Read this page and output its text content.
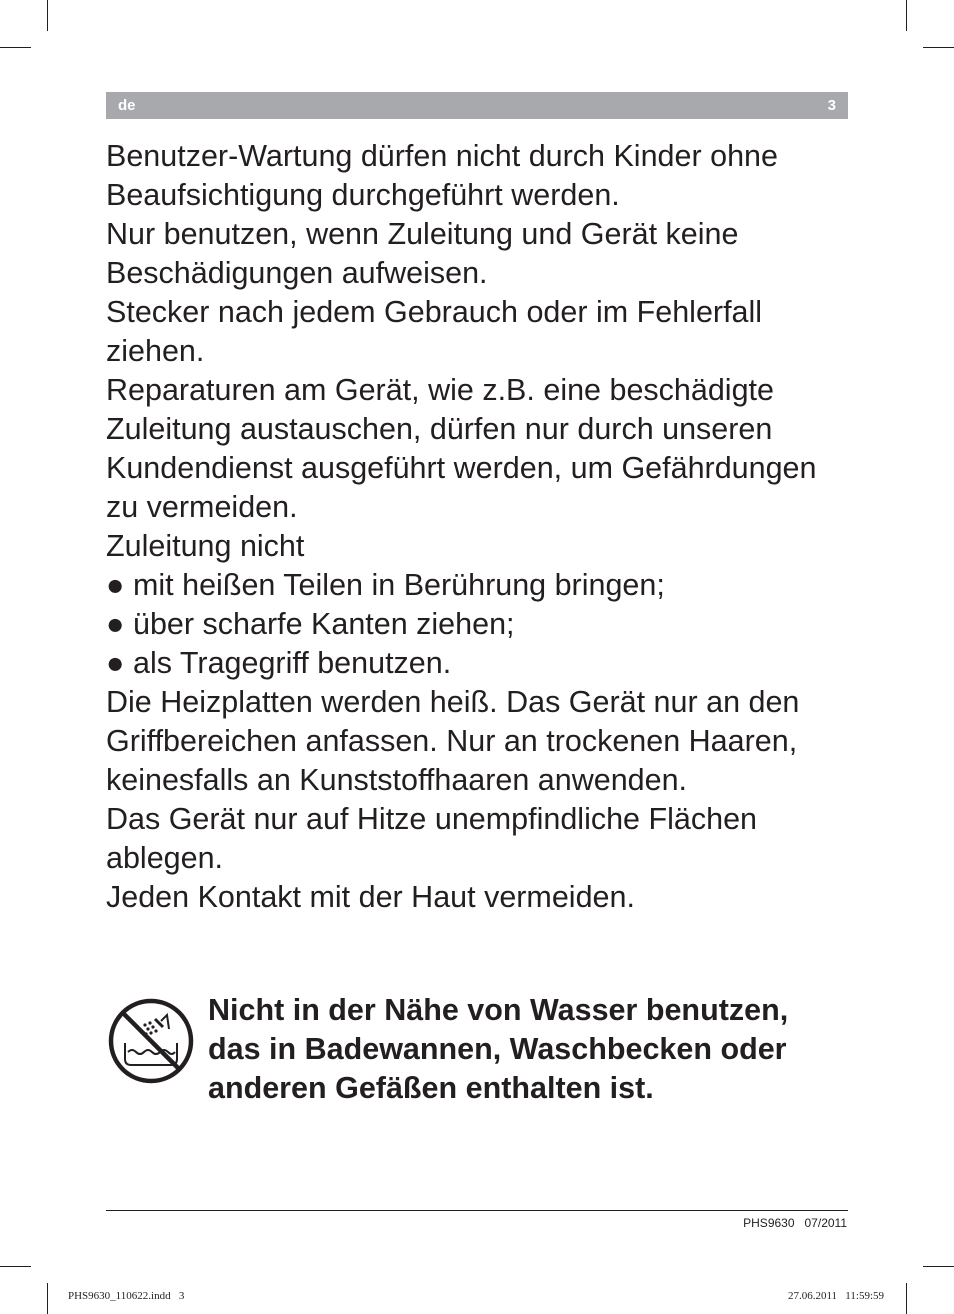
de	3

Benutzer-Wartung dürfen nicht durch Kinder ohne Beaufsichtigung durchgeführt werden.

Nur benutzen, wenn Zuleitung und Gerät keine Beschädigungen aufweisen.

Stecker nach jedem Gebrauch oder im Fehlerfall ziehen.

Reparaturen am Gerät, wie z.B. eine beschädigte Zuleitung austauschen, dürfen nur durch unseren Kundendienst ausgeführt werden, um Gefährdungen zu vermeiden.

Zuleitung nicht

● mit heißen Teilen in Berührung bringen;

● über scharfe Kanten ziehen;

● als Tragegriff benutzen.

Die Heizplatten werden heiß. Das Gerät nur an den Griffbereichen anfassen. Nur an trockenen Haaren, keinesfalls an Kunststoffhaaren anwenden.

Das Gerät nur auf Hitze unempfindliche Flächen ablegen.

Jeden Kontakt mit der Haut vermeiden.

Nicht in der Nähe von Wasser benutzen, das in Badewannen, Waschbecken oder anderen Gefäßen enthalten ist.
PHS9630   07/2011
PHS9630_110622.indd   3	27.06.2011   11:59:59
